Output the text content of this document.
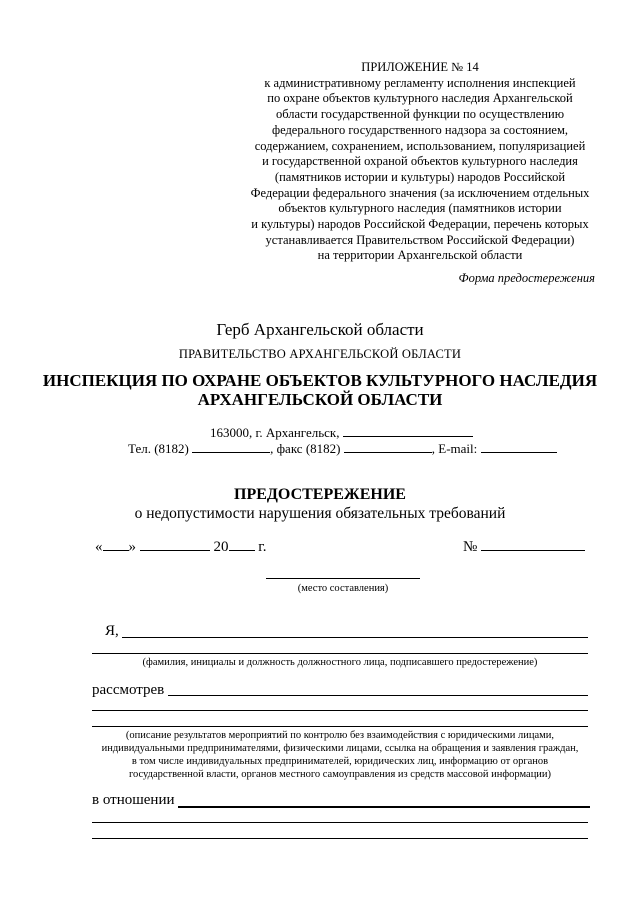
ПРИЛОЖЕНИЕ № 14
к административному регламенту исполнения инспекцией
по охране объектов культурного наследия Архангельской
области государственной функции по осуществлению
федерального государственного надзора за состоянием,
содержанием, сохранением, использованием, популяризацией
и государственной охраной объектов культурного наследия
(памятников истории и культуры) народов Российской
Федерации федерального значения (за исключением отдельных
объектов культурного наследия (памятников истории
и культуры) народов Российской Федерации, перечень которых
устанавливается Правительством Российской Федерации)
на территории Архангельской области
Форма предостережения
Герб Архангельской области
ПРАВИТЕЛЬСТВО АРХАНГЕЛЬСКОЙ ОБЛАСТИ
ИНСПЕКЦИЯ ПО ОХРАНЕ ОБЪЕКТОВ КУЛЬТУРНОГО НАСЛЕДИЯ
АРХАНГЕЛЬСКОЙ ОБЛАСТИ
163000, г. Архангельск,
Тел. (8182)	, факс (8182)	, E-mail:
ПРЕДОСТЕРЕЖЕНИЕ
о недопустимости нарушения обязательных требований
« »	20 г.	№
(место составления)
Я,
(фамилия, инициалы и должность должностного лица, подписавшего предостережение)
рассмотрев
(описание результатов мероприятий по контролю без взаимодействия с юридическими лицами,
индивидуальными предпринимателями, физическими лицами, ссылка на обращения и заявления граждан,
в том числе индивидуальных предпринимателей, юридических лиц, информацию от органов
государственной власти, органов местного самоуправления из средств массовой информации)
в отношении
